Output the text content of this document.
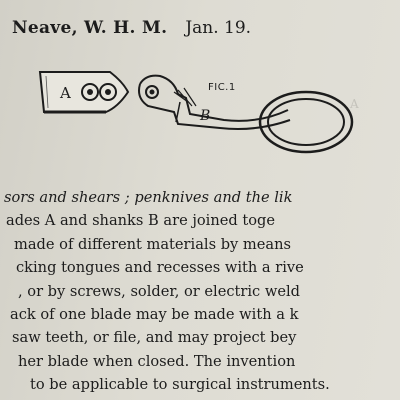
A
Neave, W. H. M. Jan. 19.
A
B
FIC.1
sors and shears ; penknives and the lik
ades A and shanks B are joined toge
made of different materials by means
cking tongues and recesses with a rive
, or by screws, solder, or electric weld
ack of one blade may be made with a k
saw teeth, or file, and may project bey
her blade when closed. The invention
to be applicable to surgical instruments.
